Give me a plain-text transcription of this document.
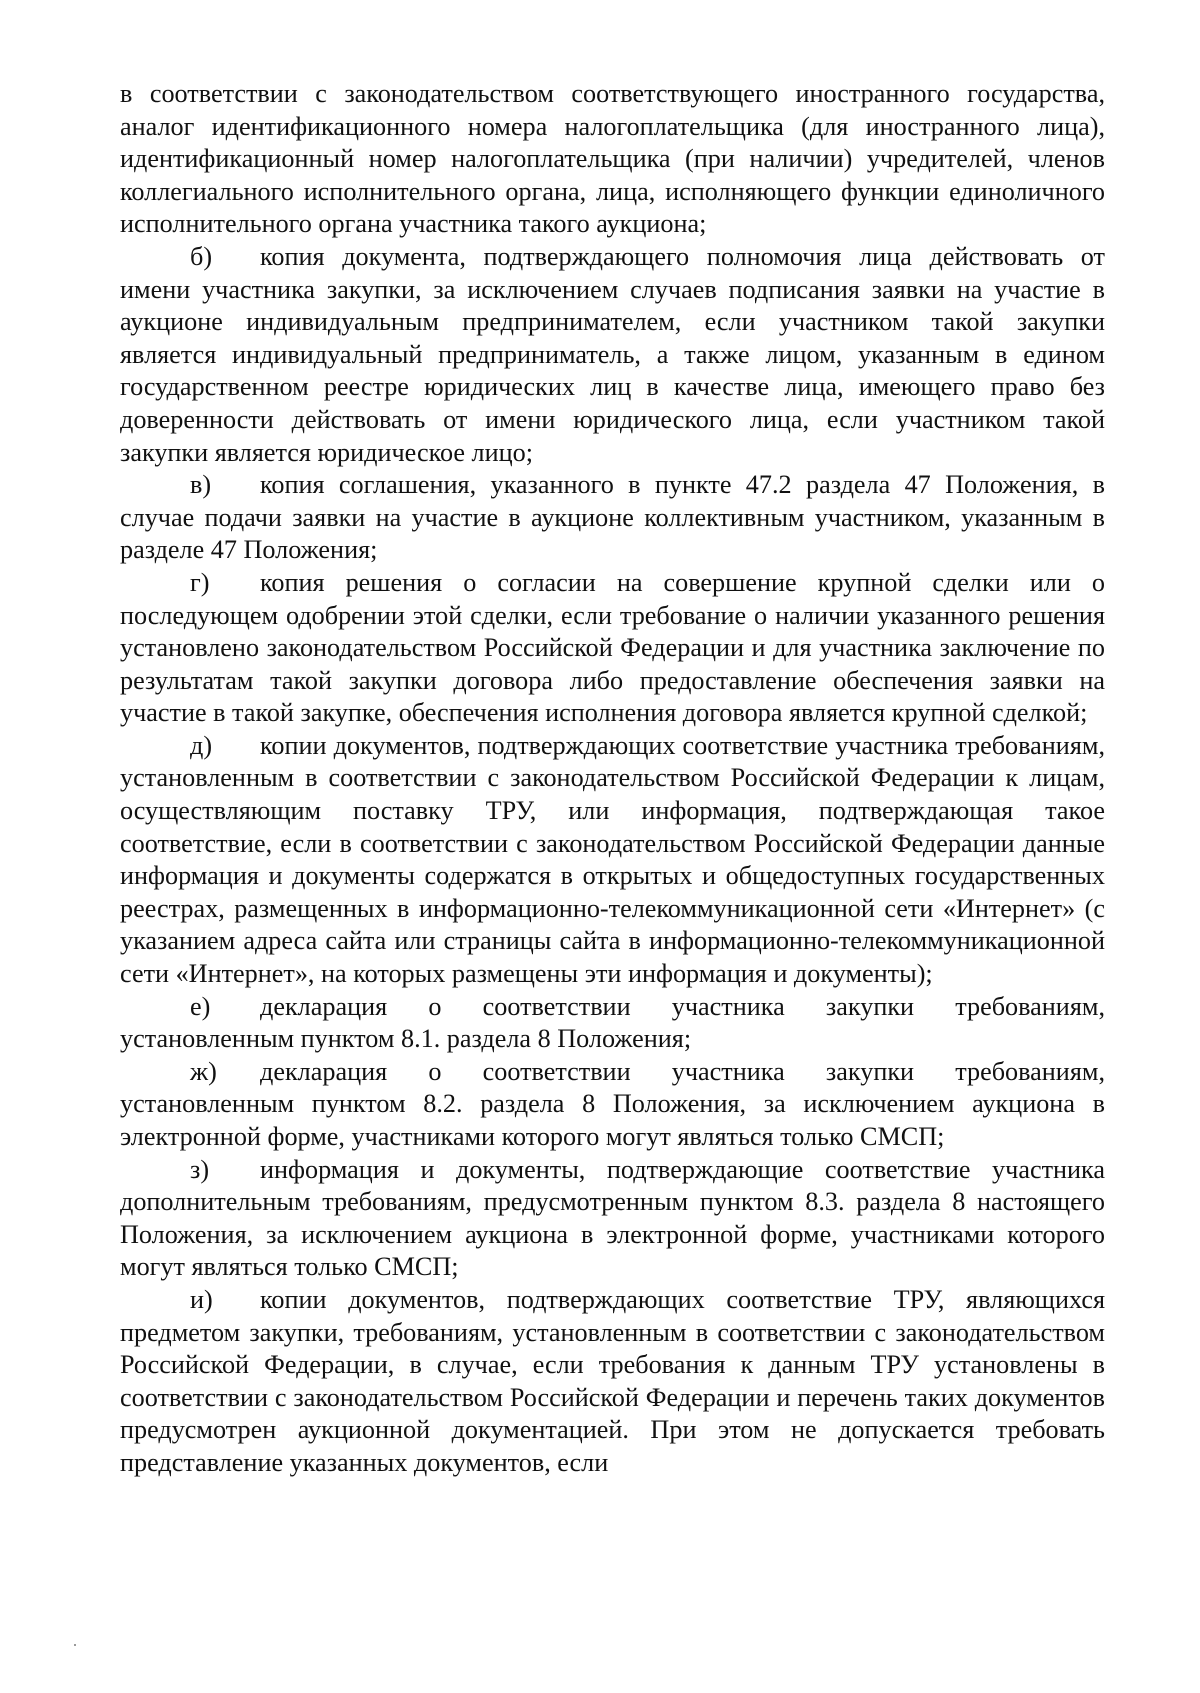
в соответствии с законодательством соответствующего иностранного государства, аналог идентификационного номера налогоплательщика (для иностранного лица), идентификационный номер налогоплательщика (при наличии) учредителей, членов коллегиального исполнительного органа, лица, исполняющего функции единоличного исполнительного органа участника такого аукциона;

б) копия документа, подтверждающего полномочия лица действовать от имени участника закупки, за исключением случаев подписания заявки на участие в аукционе индивидуальным предпринимателем, если участником такой закупки является индивидуальный предприниматель, а также лицом, указанным в едином государственном реестре юридических лиц в качестве лица, имеющего право без доверенности действовать от имени юридического лица, если участником такой закупки является юридическое лицо;

в) копия соглашения, указанного в пункте 47.2 раздела 47 Положения, в случае подачи заявки на участие в аукционе коллективным участником, указанным в разделе 47 Положения;

г) копия решения о согласии на совершение крупной сделки или о последующем одобрении этой сделки, если требование о наличии указанного решения установлено законодательством Российской Федерации и для участника заключение по результатам такой закупки договора либо предоставление обеспечения заявки на участие в такой закупке, обеспечения исполнения договора является крупной сделкой;

д) копии документов, подтверждающих соответствие участника требованиям, установленным в соответствии с законодательством Российской Федерации к лицам, осуществляющим поставку ТРУ, или информация, подтверждающая такое соответствие, если в соответствии с законодательством Российской Федерации данные информация и документы содержатся в открытых и общедоступных государственных реестрах, размещенных в информационно-телекоммуникационной сети «Интернет» (с указанием адреса сайта или страницы сайта в информационно-телекоммуникационной сети «Интернет», на которых размещены эти информация и документы);

е) декларация о соответствии участника закупки требованиям, установленным пунктом 8.1. раздела 8 Положения;

ж) декларация о соответствии участника закупки требованиям, установленным пунктом 8.2. раздела 8 Положения, за исключением аукциона в электронной форме, участниками которого могут являться только СМСП;

з) информация и документы, подтверждающие соответствие участника дополнительным требованиям, предусмотренным пунктом 8.3. раздела 8 настоящего Положения, за исключением аукциона в электронной форме, участниками которого могут являться только СМСП;

и) копии документов, подтверждающих соответствие ТРУ, являющихся предметом закупки, требованиям, установленным в соответствии с законодательством Российской Федерации, в случае, если требования к данным ТРУ установлены в соответствии с законодательством Российской Федерации и перечень таких документов предусмотрен аукционной документацией. При этом не допускается требовать представление указанных документов, если
